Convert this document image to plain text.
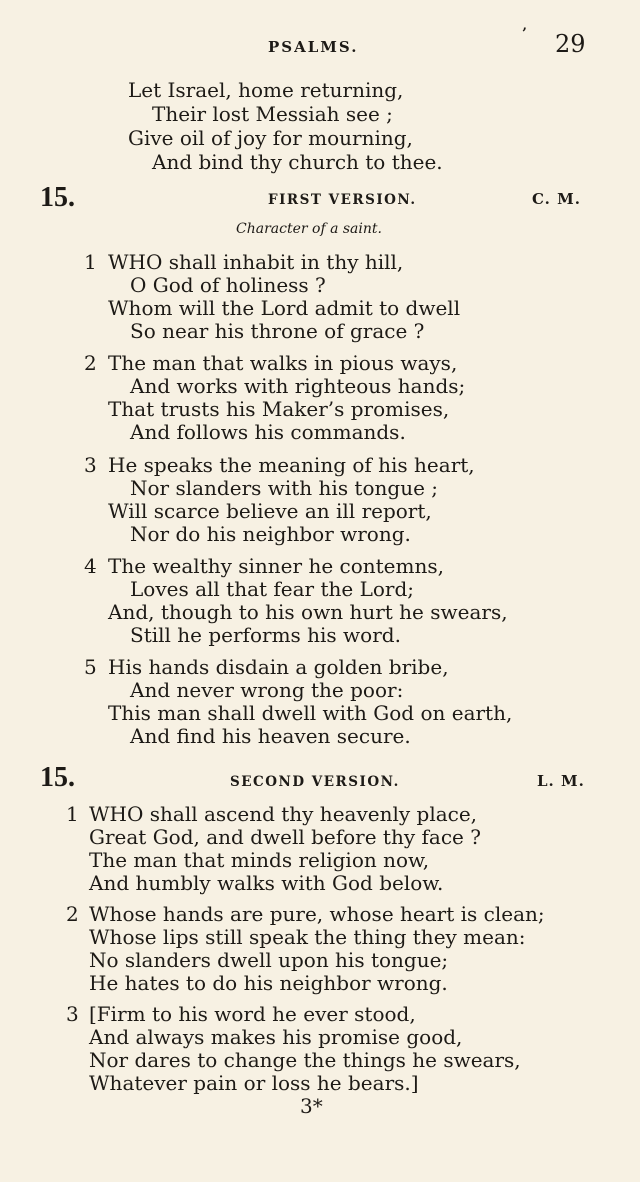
’
PSALMS.	29
Let Israel, home returning,
Their lost Messiah see ;
Give oil of joy for mourning,
And bind thy church to thee.
15.	FIRST VERSION.	C. M.
Character of a saint.
1 WHO shall inhabit in thy hill,
O God of holiness ?
Whom will the Lord admit to dwell
So near his throne of grace ?
2 The man that walks in pious ways,
And works with righteous hands;
That trusts his Maker’s promises,
And follows his commands.
3 He speaks the meaning of his heart,
Nor slanders with his tongue ;
Will scarce believe an ill report,
Nor do his neighbor wrong.
4 The wealthy sinner he contemns,
Loves all that fear the Lord;
And, though to his own hurt he swears,
Still he performs his word.
5 His hands disdain a golden bribe,
And never wrong the poor:
This man shall dwell with God on earth,
And find his heaven secure.
15.	SECOND VERSION.	L. M.
1 WHO shall ascend thy heavenly place,
Great God, and dwell before thy face ?
The man that minds religion now,
And humbly walks with God below.
2 Whose hands are pure, whose heart is clean;
Whose lips still speak the thing they mean:
No slanders dwell upon his tongue;
He hates to do his neighbor wrong.
3 [Firm to his word he ever stood,
And always makes his promise good,
Nor dares to change the things he swears,
Whatever pain or loss he bears.]
3*
